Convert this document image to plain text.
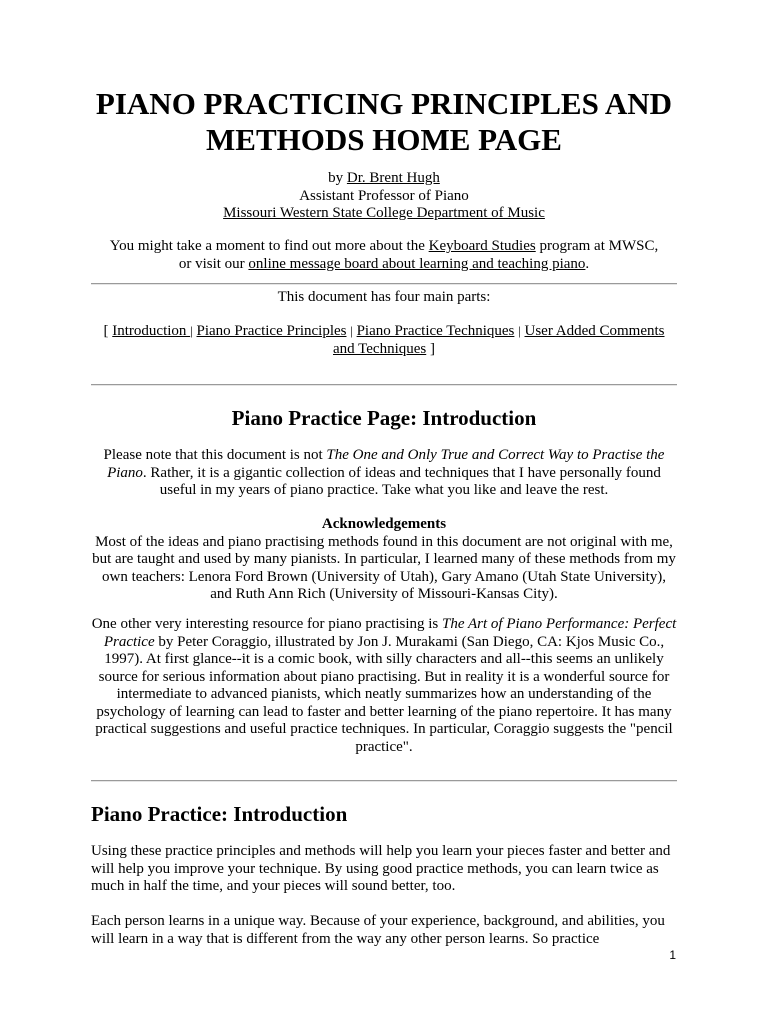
PIANO PRACTICING PRINCIPLES AND
METHODS HOME PAGE
by Dr. Brent Hugh
Assistant Professor of Piano
Missouri Western State College Department of Music
You might take a moment to find out more about the Keyboard Studies program at MWSC,
or visit our online message board about learning and teaching piano.
This document has four main parts:
[ Introduction | Piano Practice Principles | Piano Practice Techniques | User Added Comments and Techniques ]
Piano Practice Page: Introduction
Please note that this document is not The One and Only True and Correct Way to Practise the Piano. Rather, it is a gigantic collection of ideas and techniques that I have personally found useful in my years of piano practice. Take what you like and leave the rest.
Acknowledgements
Most of the ideas and piano practising methods found in this document are not original with me, but are taught and used by many pianists. In particular, I learned many of these methods from my own teachers: Lenora Ford Brown (University of Utah), Gary Amano (Utah State University), and Ruth Ann Rich (University of Missouri-Kansas City).
One other very interesting resource for piano practising is The Art of Piano Performance: Perfect Practice by Peter Coraggio, illustrated by Jon J. Murakami (San Diego, CA: Kjos Music Co., 1997). At first glance--it is a comic book, with silly characters and all--this seems an unlikely source for serious information about piano practising. But in reality it is a wonderful source for intermediate to advanced pianists, which neatly summarizes how an understanding of the psychology of learning can lead to faster and better learning of the piano repertoire. It has many practical suggestions and useful practice techniques. In particular, Coraggio suggests the "pencil practice".
Piano Practice: Introduction
Using these practice principles and methods will help you learn your pieces faster and better and will help you improve your technique. By using good practice methods, you can learn twice as much in half the time, and your pieces will sound better, too.
Each person learns in a unique way. Because of your experience, background, and abilities, you will learn in a way that is different from the way any other person learns. So practice
1
